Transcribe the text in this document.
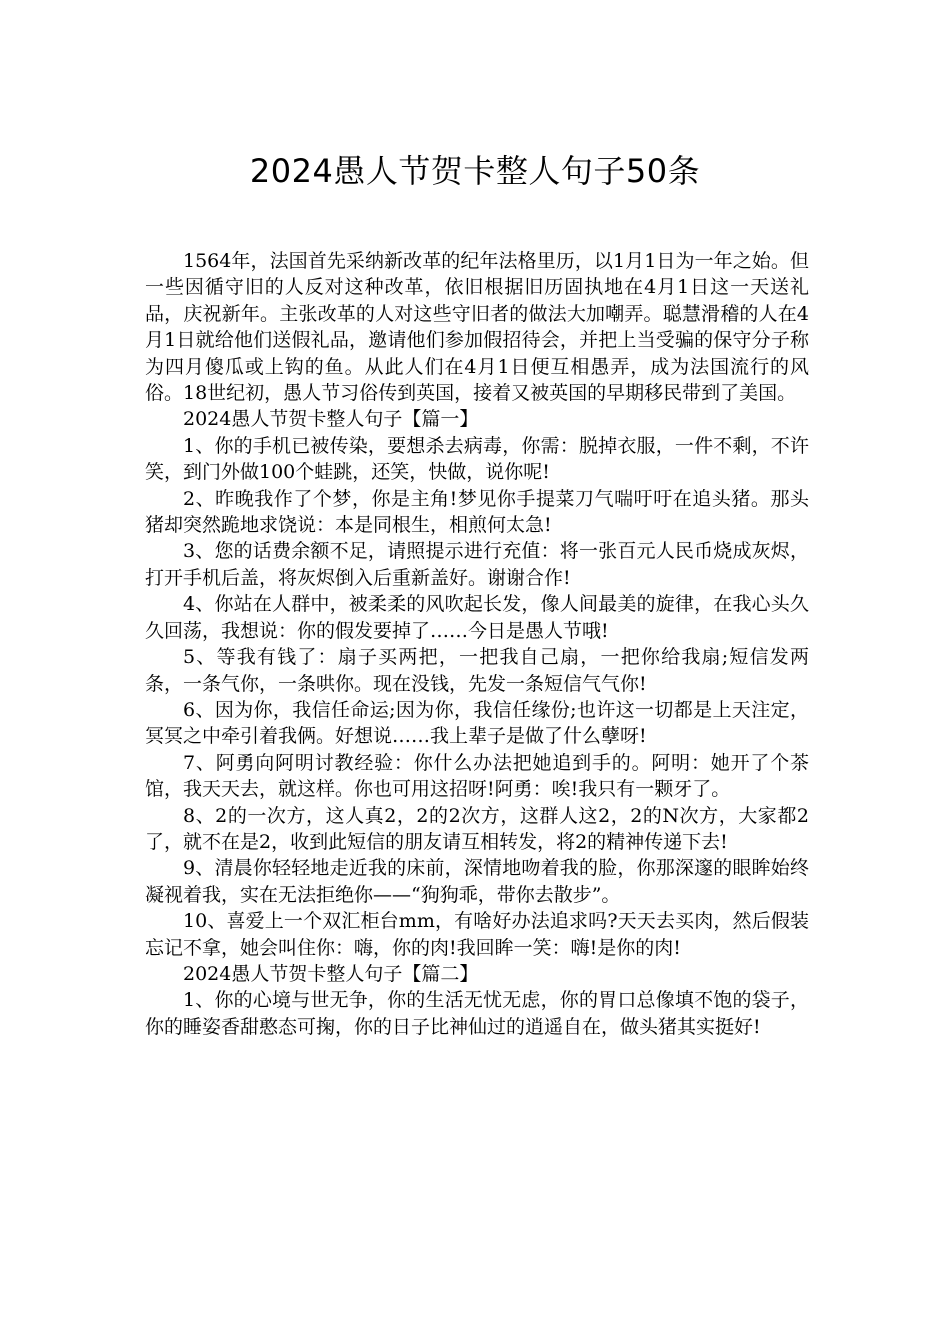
2024愚人节贺卡整人句子50条

1564年，法国首先采纳新改革的纪年法格里历，以1月1日为一年之始。但一些因循守旧的人反对这种改革，依旧根据旧历固执地在4月1日这一天送礼品，庆祝新年。主张改革的人对这些守旧者的做法大加嘲弄。聪慧滑稽的人在4月1日就给他们送假礼品，邀请他们参加假招待会，并把上当受骗的保守分子称为四月傻瓜或上钩的鱼。从此人们在4月1日便互相愚弄，成为法国流行的风俗。18世纪初，愚人节习俗传到英国，接着又被英国的早期移民带到了美国。

2024愚人节贺卡整人句子【篇一】

1、你的手机已被传染，要想杀去病毒，你需：脱掉衣服，一件不剩，不许笑，到门外做100个蛙跳，还笑，快做，说你呢!

2、昨晚我作了个梦，你是主角!梦见你手提菜刀气喘吁吁在追头猪。那头猪却突然跪地求饶说：本是同根生，相煎何太急!

3、您的话费余额不足，请照提示进行充值：将一张百元人民币烧成灰烬，打开手机后盖，将灰烬倒入后重新盖好。谢谢合作!

4、你站在人群中，被柔柔的风吹起长发，像人间最美的旋律，在我心头久久回荡，我想说：你的假发要掉了……今日是愚人节哦!

5、等我有钱了：扇子买两把，一把我自己扇，一把你给我扇;短信发两条，一条气你，一条哄你。现在没钱，先发一条短信气气你!

6、因为你，我信任命运;因为你，我信任缘份;也许这一切都是上天注定，冥冥之中牵引着我俩。好想说……我上辈子是做了什么孽呀!

7、阿勇向阿明讨教经验：你什么办法把她追到手的。阿明：她开了个茶馆，我天天去，就这样。你也可用这招呀!阿勇：唉!我只有一颗牙了。

8、2的一次方，这人真2，2的2次方，这群人这2，2的N次方，大家都2了，就不在是2，收到此短信的朋友请互相转发，将2的精神传递下去!

9、清晨你轻轻地走近我的床前，深情地吻着我的脸，你那深邃的眼眸始终凝视着我，实在无法拒绝你——“狗狗乖，带你去散步”。

10、喜爱上一个双汇柜台mm，有啥好办法追求吗?天天去买肉，然后假装忘记不拿，她会叫住你：嗨，你的肉!我回眸一笑：嗨!是你的肉!

2024愚人节贺卡整人句子【篇二】

1、你的心境与世无争，你的生活无忧无虑，你的胃口总像填不饱的袋子，你的睡姿香甜憨态可掬，你的日子比神仙过的逍遥自在，做头猪其实挺好!
